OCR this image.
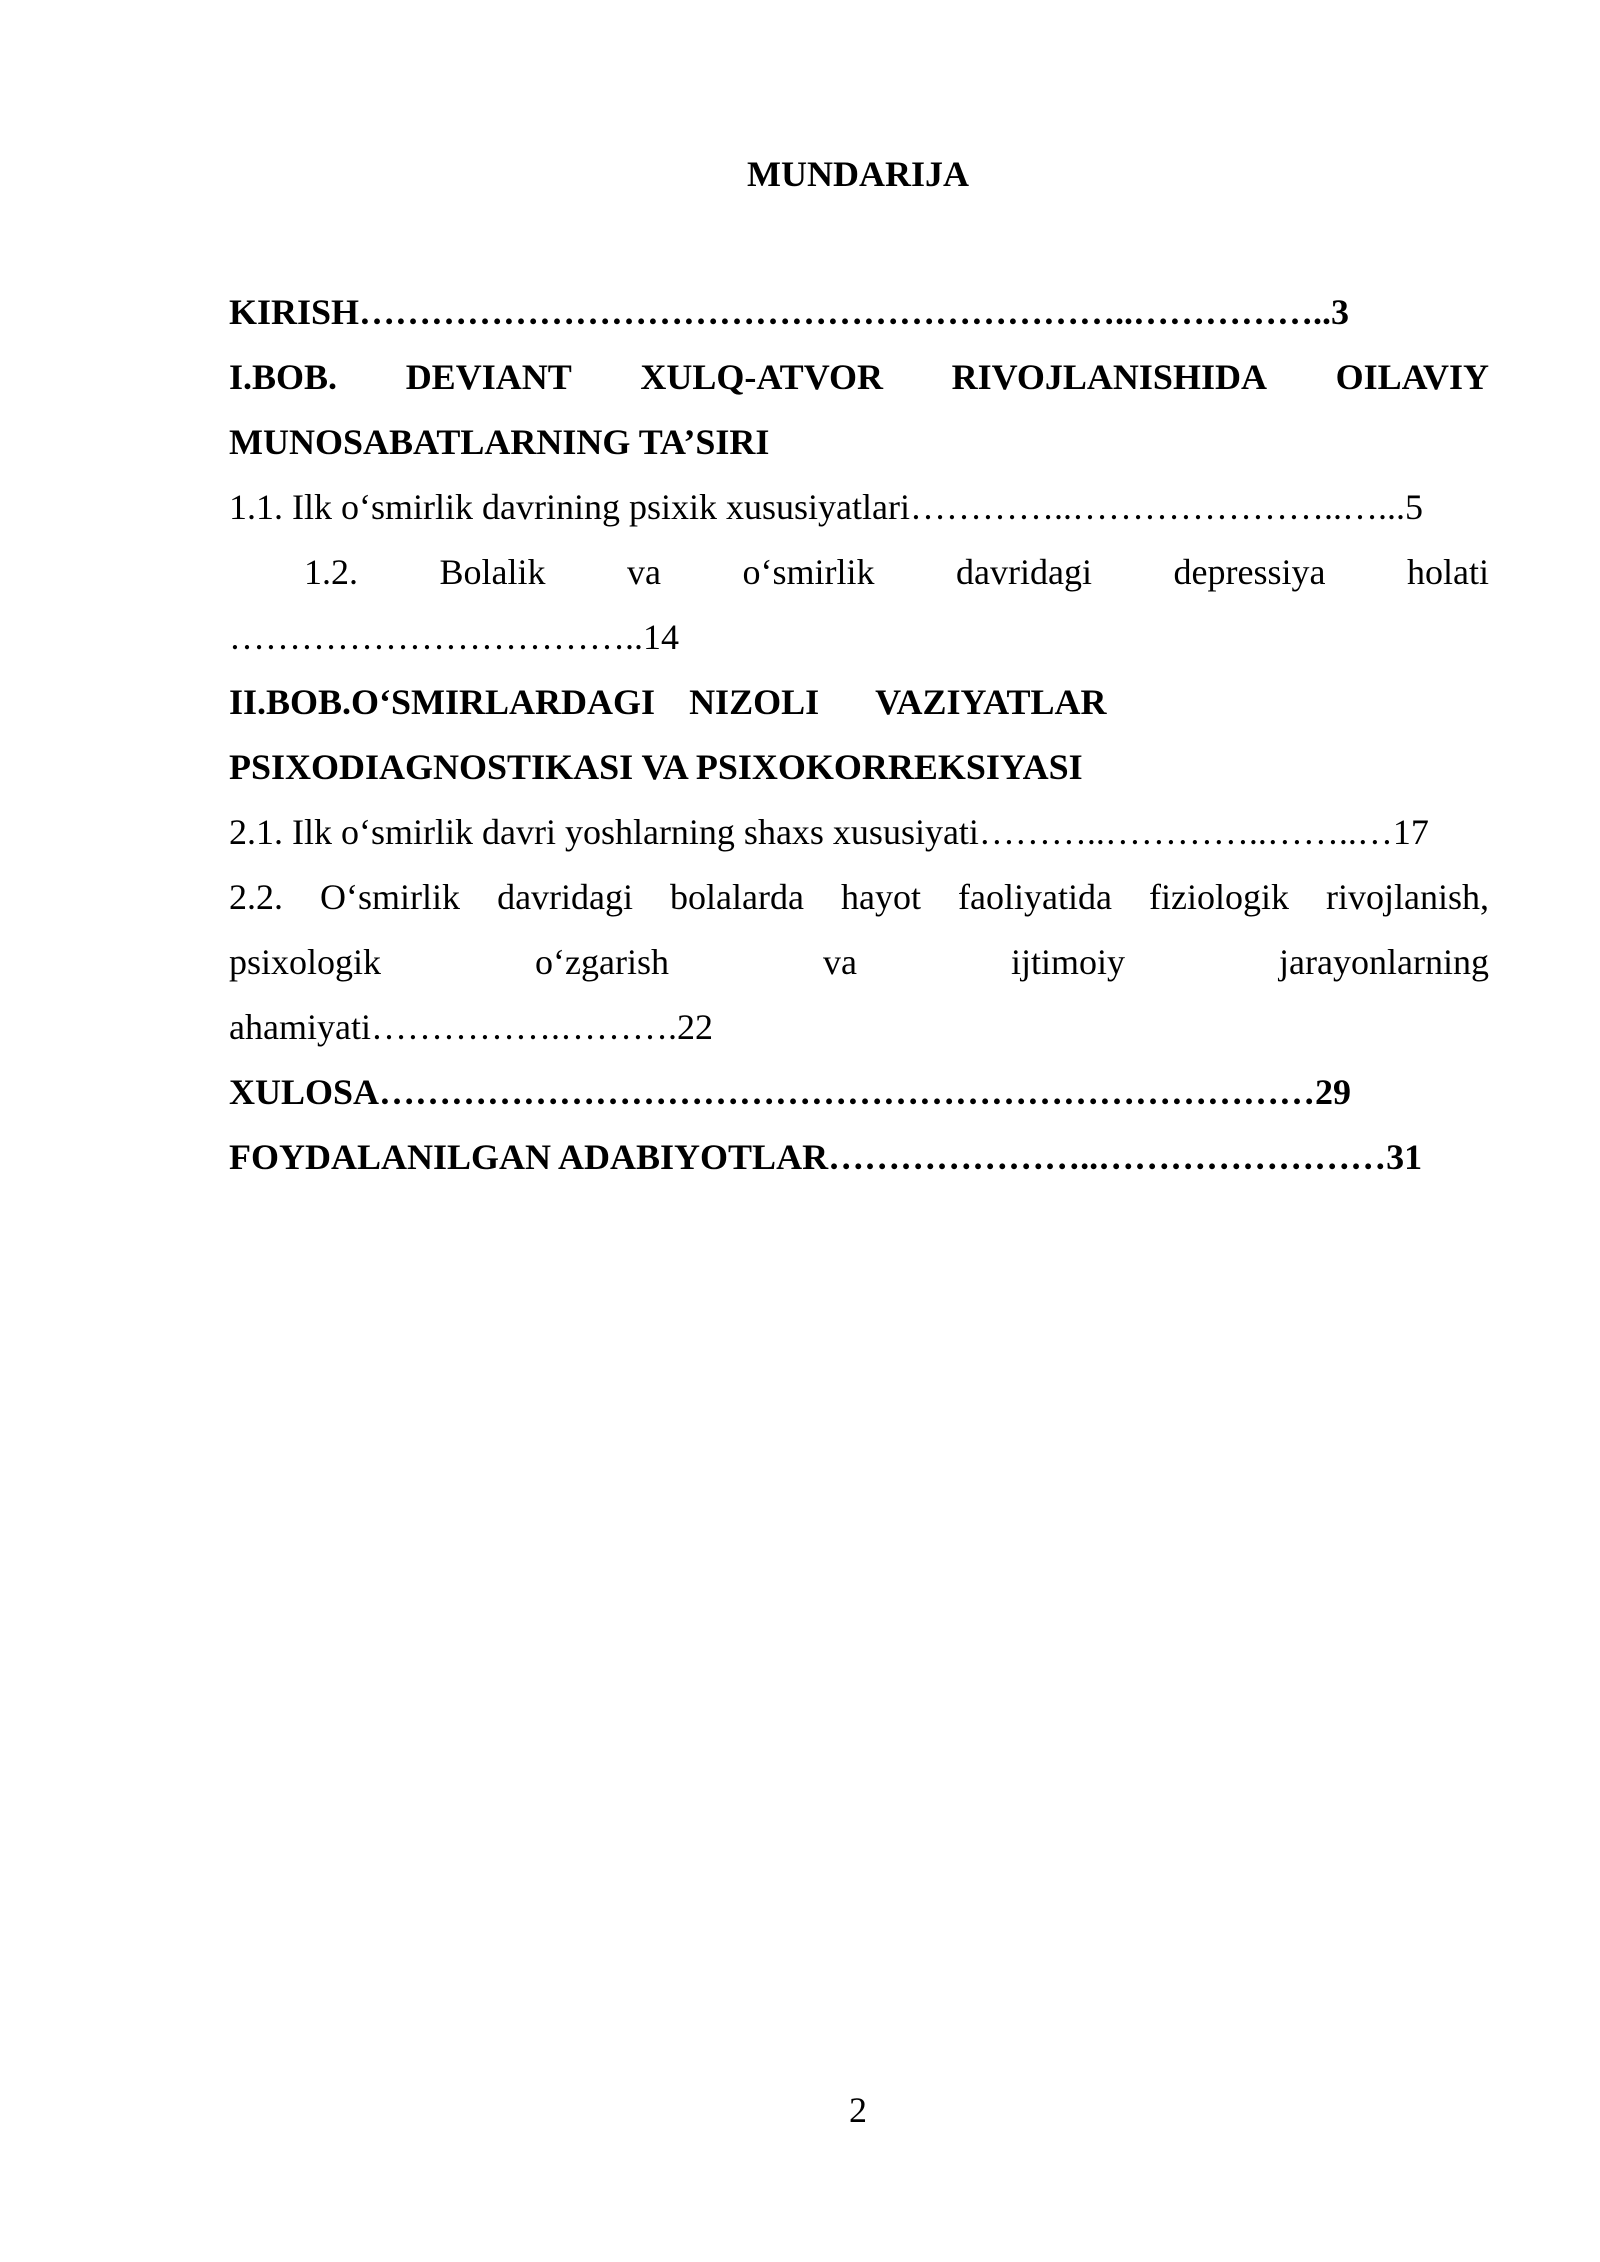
MUNDARIJA
KIRISH………………………………………………………..……………..3
I.BOB. DEVIANT XULQ-ATVOR RIVOJLANISHIDA OILAVIY
MUNOSABATLARNING TA’SIRI
1.1. Ilk o‘smirlik davrining psixik xususiyatlari…………..…………………..…...5
1.2. Bolalik va o‘smirlik davridagi depressiya holati
……………………………..14
II.BOB.O‘SMIRLARDAGI NIZOLI VAZIYATLAR
PSIXODIAGNOSTIKASI VA PSIXOKORREKSIYASI
2.1. Ilk o‘smirlik davri yoshlarning shaxs xususiyati………..…………..……..…17
2.2. O‘smirlik davridagi bolalarda hayot faoliyatida fiziologik rivojlanish,
psixologik	o‘zgarish	va	ijtimoiy	jarayonlarning
ahamiyati…………….……….22
XULOSA……………………………………………………………………29
FOYDALANILGAN ADABIYOTLAR…………………..……………………31
2
